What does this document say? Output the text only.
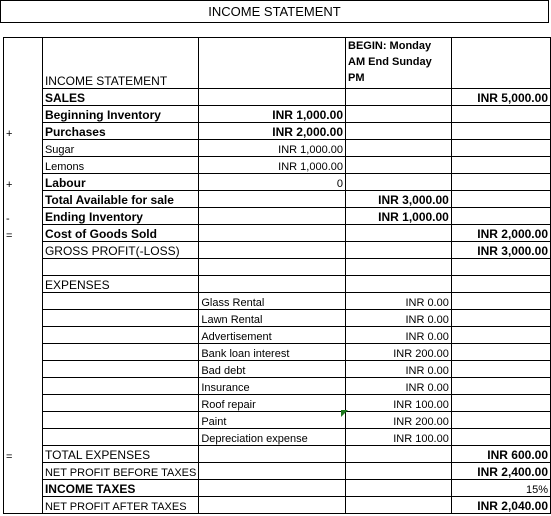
INCOME STATEMENT
	INCOME STATEMENT		BEGIN: Monday AM End Sunday PM	
	SALES			INR 5,000.00
	Beginning Inventory	INR 1,000.00		
+	Purchases	INR 2,000.00		
	Sugar	INR 1,000.00		
	Lemons	INR 1,000.00		
+	Labour	0		
	Total Available for sale		INR 3,000.00	
-	Ending Inventory		INR 1,000.00	
=	Cost of Goods Sold			INR 2,000.00
	GROSS PROFIT(-LOSS)			INR 3,000.00

	EXPENSES			
		Glass Rental	INR 0.00	
		Lawn Rental	INR 0.00	
		Advertisement	INR 0.00	
		Bank loan interest	INR 200.00	
		Bad debt	INR 0.00	
		Insurance	INR 0.00	
		Roof repair	INR 100.00	
		Paint	INR 200.00	
		Depreciation expense	INR 100.00	
=	TOTAL EXPENSES			INR 600.00
	NET PROFIT BEFORE TAXES			INR 2,400.00
	INCOME TAXES			15%
	NET PROFIT AFTER TAXES			INR 2,040.00
